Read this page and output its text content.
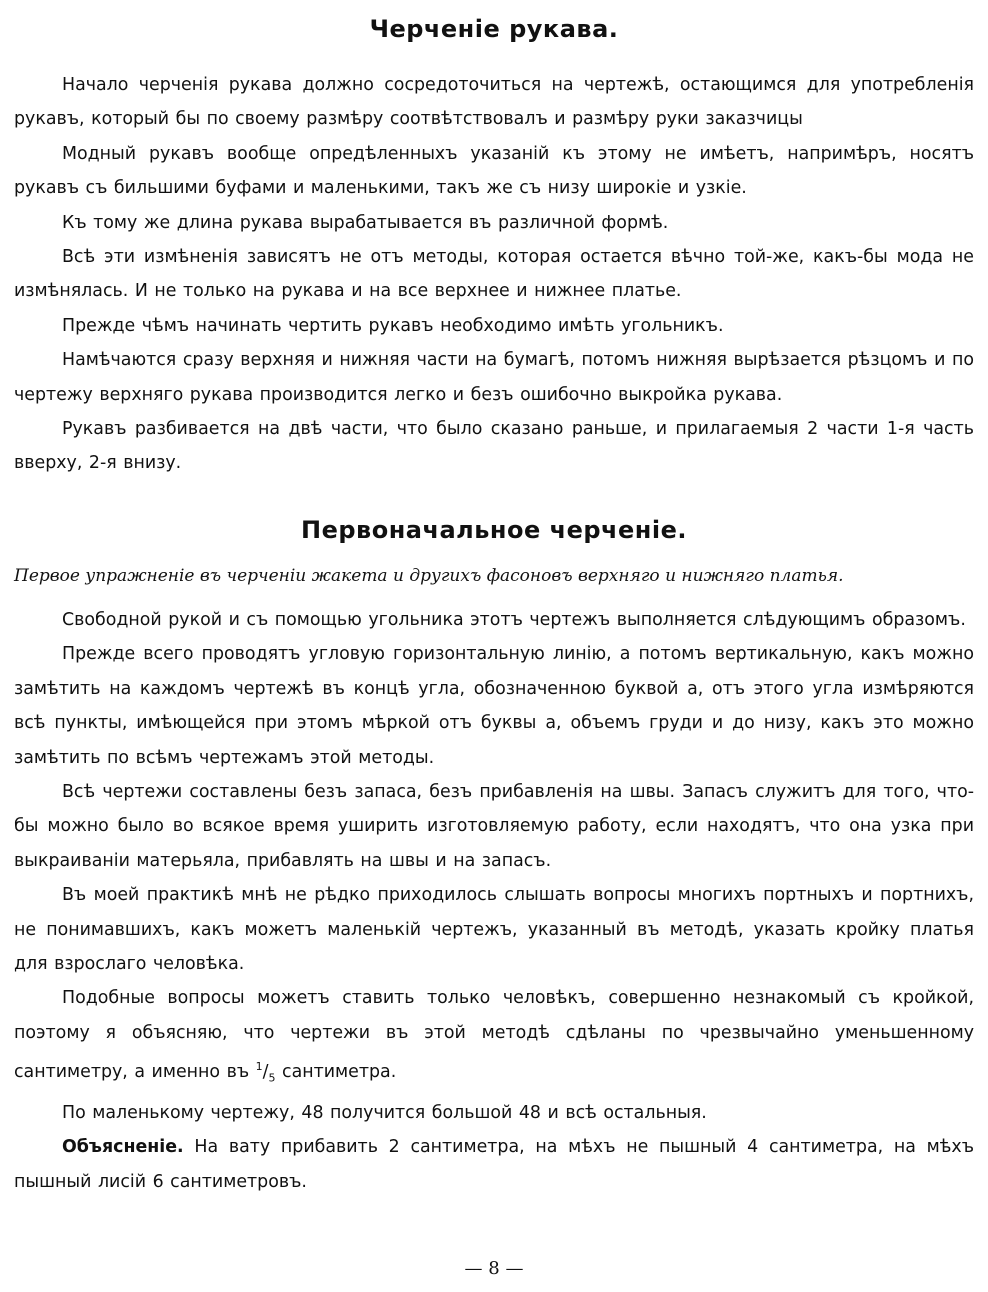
Черченіе рукава.

Начало черченія рукава должно сосредоточиться на чертежѣ, остающимся для употребленія рукавъ, который бы по своему размѣру соотвѣтствовалъ и размѣру руки заказчицы

Модный рукавъ вообще опредѣленныхъ указаній къ этому не имѣетъ, напримѣръ, носятъ рукавъ съ бильшими буфами и маленькими, такъ же съ низу широкіе и узкіе.

Къ тому же длина рукава вырабатывается въ различной формѣ.

Всѣ эти измѣненія зависятъ не отъ методы, которая остается вѣчно той-же, какъ-бы мода не измѣнялась. И не только на рукава и на все верхнее и нижнее платье.

Прежде чѣмъ начинать чертить рукавъ необходимо имѣть угольникъ.

Намѣчаются сразу верхняя и нижняя части на бумагѣ, потомъ нижняя вырѣзается рѣзцомъ и по чертежу верхняго рукава производится легко и безъ ошибочно выкройка рукава.

Рукавъ разбивается на двѣ части, что было сказано раньше, и прилагаемыя 2 части 1-я часть вверху, 2-я внизу.

Первоначальное черченіе.

Первое упражненіе въ черченіи жакета и другихъ фасоновъ верхняго и нижняго платья.

Свободной рукой и съ помощью угольника этотъ чертежъ выполняется слѣдующимъ образомъ.

Прежде всего проводятъ угловую горизонтальную линію, а потомъ вертикальную, какъ можно замѣтить на каждомъ чертежѣ въ концѣ угла, обозначенною буквой а, отъ этого угла измѣряются всѣ пункты, имѣющейся при этомъ мѣркой отъ буквы а, объемъ груди и до низу, какъ это можно замѣтить по всѣмъ чертежамъ этой методы.

Всѣ чертежи составлены безъ запаса, безъ прибавленія на швы. Запасъ служитъ для того, что-бы можно было во всякое время уширить изготовляемую работу, если находятъ, что она узка при выкраиваніи матерьяла, прибавлять на швы и на запасъ.

Въ моей практикѣ мнѣ не рѣдко приходилось слышать вопросы многихъ портныхъ и портнихъ, не понимавшихъ, какъ можетъ маленькій чертежъ, указанный въ методѣ, указать кройку платья для взрослаго человѣка.

Подобные вопросы можетъ ставить только человѣкъ, совершенно незнакомый съ кройкой, поэтому я объясняю, что чертежи въ этой методѣ сдѣланы по чрезвычайно уменьшенному сантиметру, а именно въ $^1/_5$ сантиметра.

По маленькому чертежу, 48 получится большой 48 и всѣ остальныя.

Объясненіе. На вату прибавить 2 сантиметра, на мѣхъ не пышный 4 сантиметра, на мѣхъ пышный лисій 6 сантиметровъ.

— 8 —
